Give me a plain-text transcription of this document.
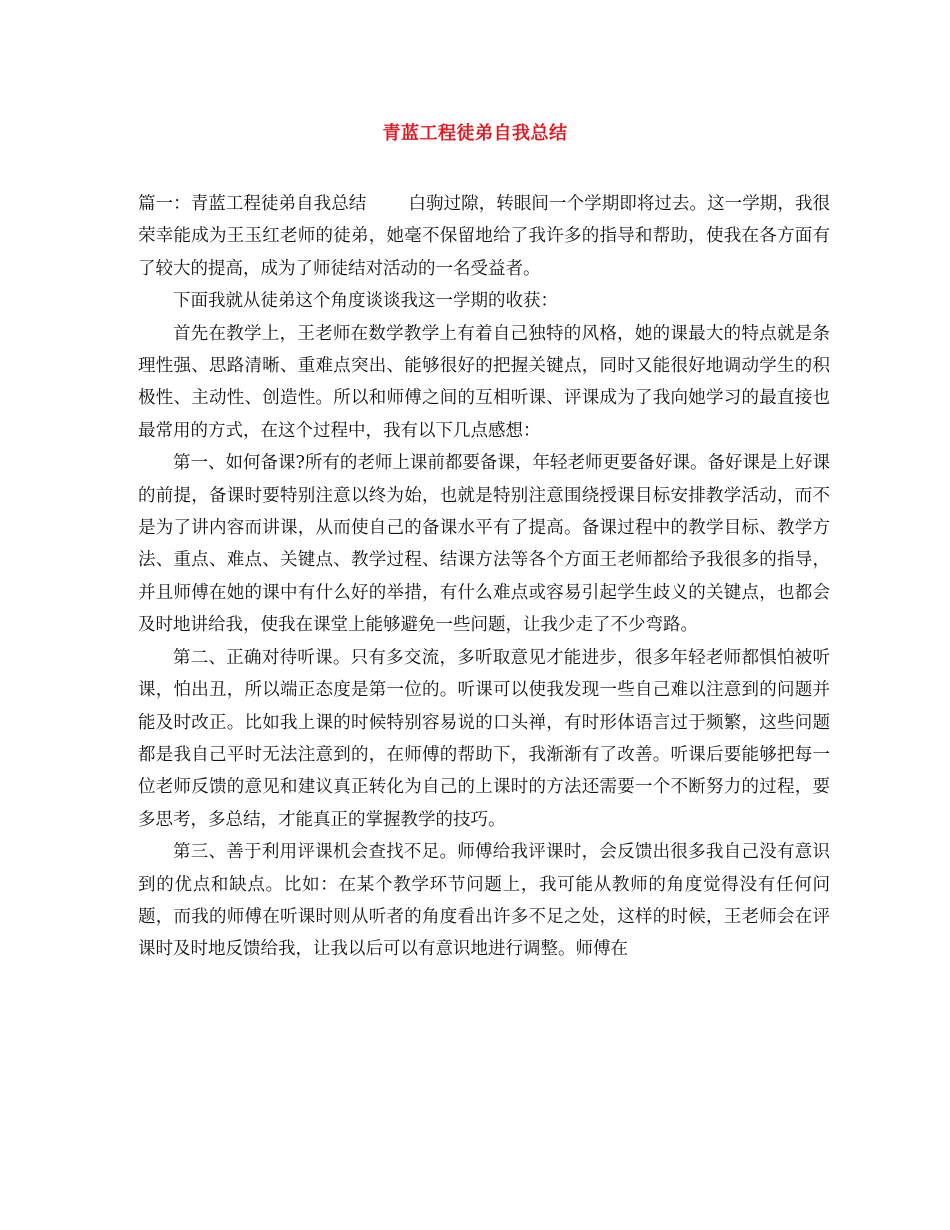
青蓝工程徒弟自我总结

篇一：青蓝工程徒弟自我总结 白驹过隙，转眼间一个学期即将过去。这一学期，我很荣幸能成为王玉红老师的徒弟，她毫不保留地给了我许多的指导和帮助，使我在各方面有了较大的提高，成为了师徒结对活动的一名受益者。

下面我就从徒弟这个角度谈谈我这一学期的收获：

首先在教学上，王老师在数学教学上有着自己独特的风格，她的课最大的特点就是条理性强、思路清晰、重难点突出、能够很好的把握关键点，同时又能很好地调动学生的积极性、主动性、创造性。所以和师傅之间的互相听课、评课成为了我向她学习的最直接也最常用的方式，在这个过程中，我有以下几点感想：

第一、如何备课?所有的老师上课前都要备课，年轻老师更要备好课。备好课是上好课的前提，备课时要特别注意以终为始，也就是特别注意围绕授课目标安排教学活动，而不是为了讲内容而讲课，从而使自己的备课水平有了提高。备课过程中的教学目标、教学方法、重点、难点、关键点、教学过程、结课方法等各个方面王老师都给予我很多的指导，并且师傅在她的课中有什么好的举措，有什么难点或容易引起学生歧义的关键点，也都会及时地讲给我，使我在课堂上能够避免一些问题，让我少走了不少弯路。

第二、正确对待听课。只有多交流，多听取意见才能进步，很多年轻老师都惧怕被听课，怕出丑，所以端正态度是第一位的。听课可以使我发现一些自己难以注意到的问题并能及时改正。比如我上课的时候特别容易说的口头禅，有时形体语言过于频繁，这些问题都是我自己平时无法注意到的，在师傅的帮助下，我渐渐有了改善。听课后要能够把每一位老师反馈的意见和建议真正转化为自己的上课时的方法还需要一个不断努力的过程，要多思考，多总结，才能真正的掌握教学的技巧。

第三、善于利用评课机会查找不足。师傅给我评课时，会反馈出很多我自己没有意识到的优点和缺点。比如：在某个教学环节问题上，我可能从教师的角度觉得没有任何问题，而我的师傅在听课时则从听者的角度看出许多不足之处，这样的时候，王老师会在评课时及时地反馈给我，让我以后可以有意识地进行调整。师傅在
